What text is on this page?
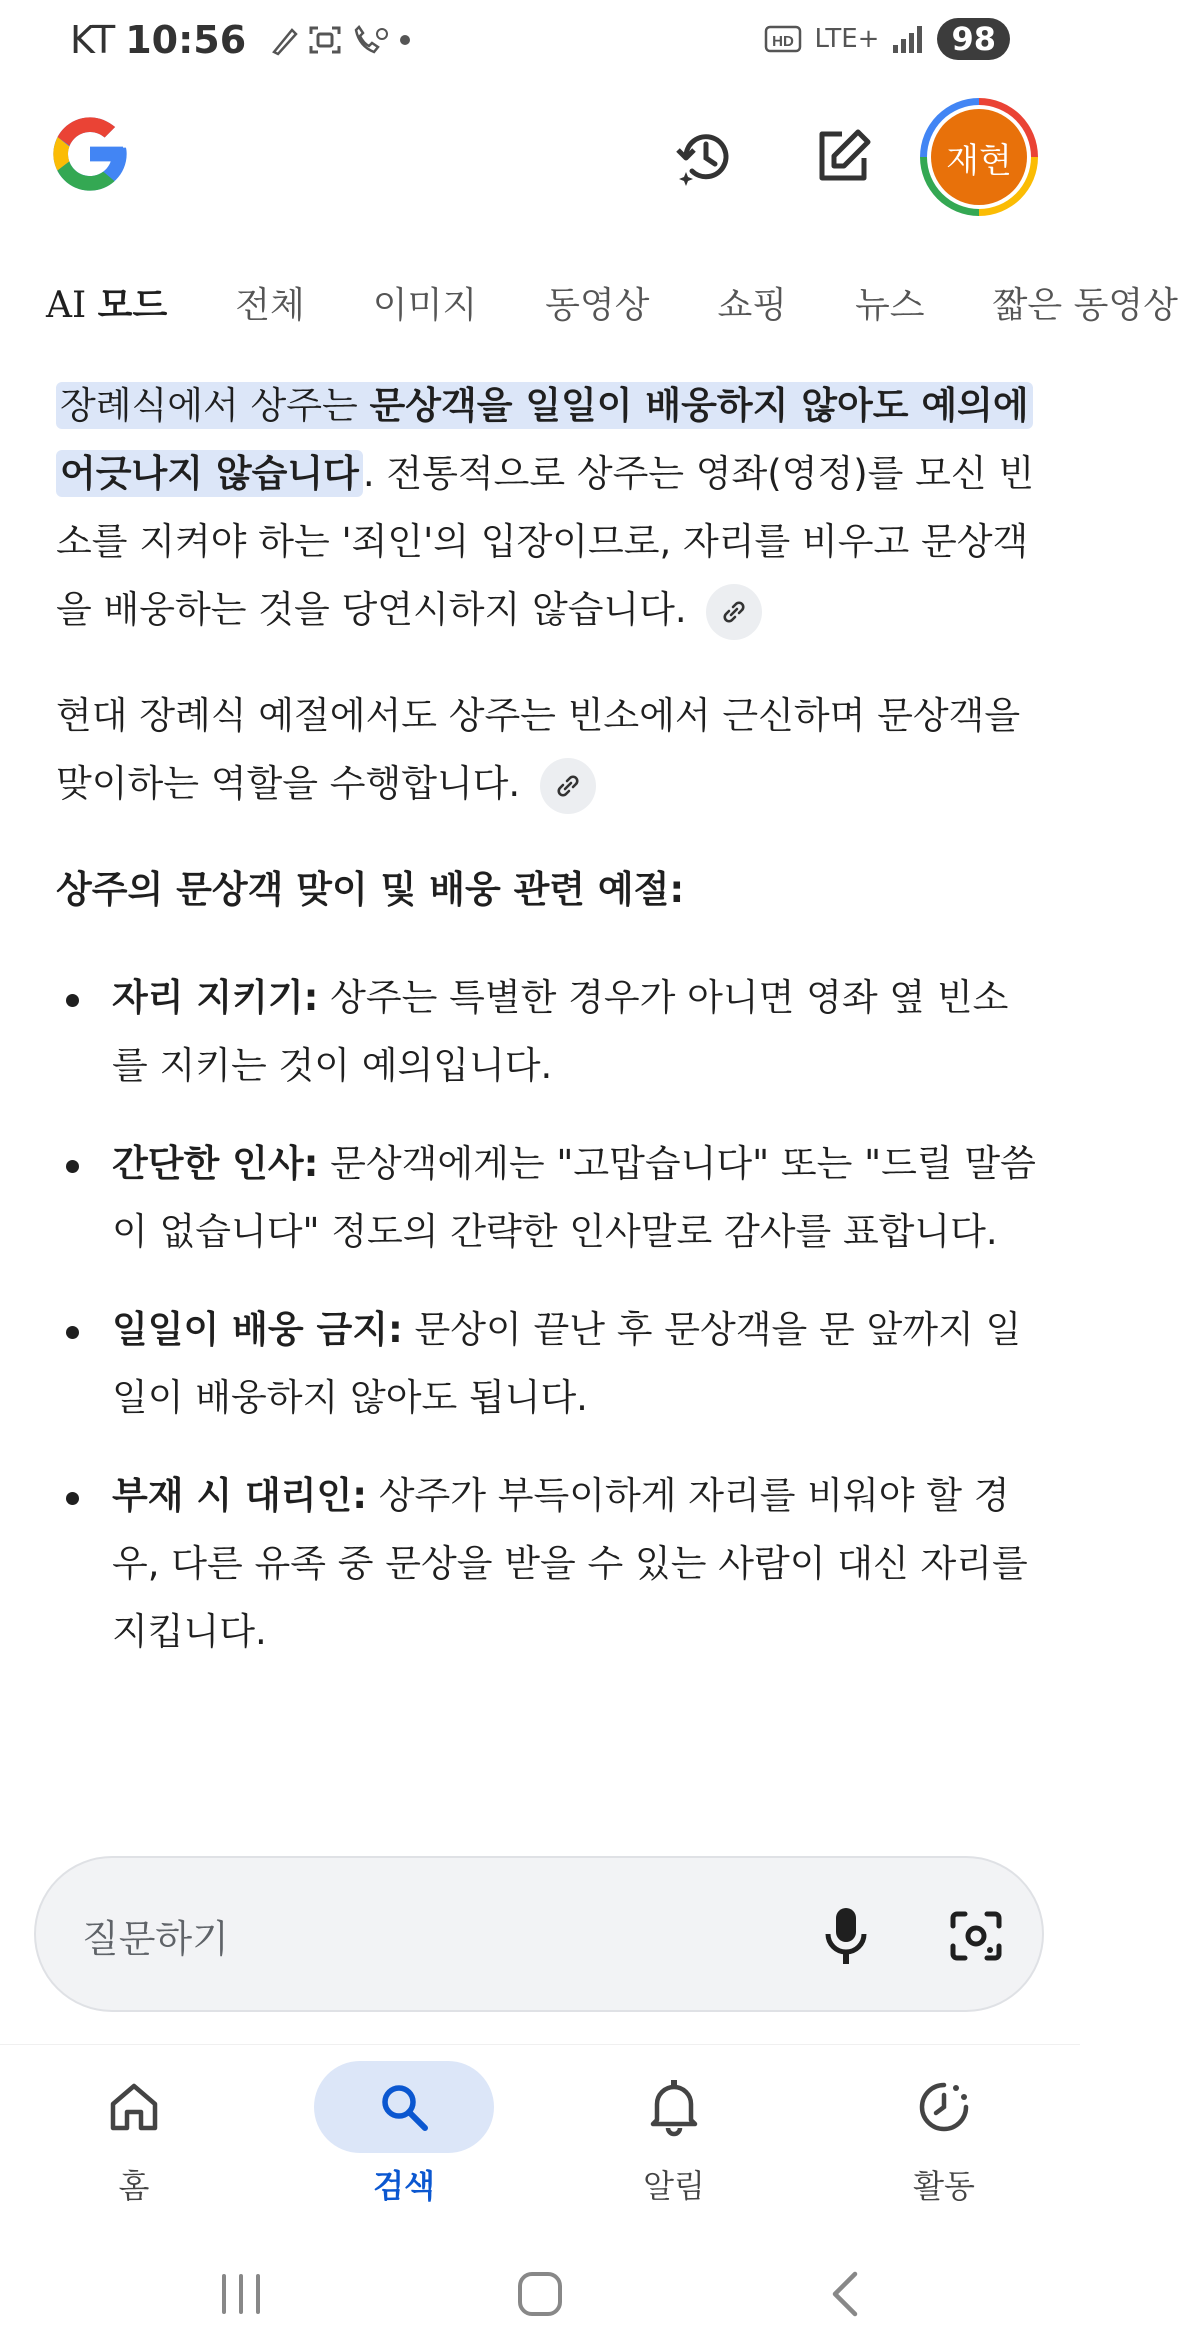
KT 10:56	HD LTE+	98
재현
AI 모드 전체 이미지 동영상 쇼핑 뉴스 짧은 동영상
장례식에서 상주는 문상객을 일일이 배웅하지 않아도 예의에 어긋나지 않습니다 . 전통적으로 상주는 영좌(영정)를 모신 빈소를 지켜야 하는 '죄인'의 입장이므로, 자리를 비우고 문상객을 배웅하는 것을 당연시하지 않습니다.
현대 장례식 예절에서도 상주는 빈소에서 근신하며 문상객을 맞이하는 역할을 수행합니다.
상주의 문상객 맞이 및 배웅 관련 예절:
자리 지키기: 상주는 특별한 경우가 아니면 영좌 옆 빈소를 지키는 것이 예의입니다.
간단한 인사: 문상객에게는 "고맙습니다" 또는 "드릴 말씀이 없습니다" 정도의 간략한 인사말로 감사를 표합니다.
일일이 배웅 금지: 문상이 끝난 후 문상객을 문 앞까지 일일이 배웅하지 않아도 됩니다.
부재 시 대리인: 상주가 부득이하게 자리를 비워야 할 경우, 다른 유족 중 문상을 받을 수 있는 사람이 대신 자리를 지킵니다.
질문하기
홈	검색	알림	활동
